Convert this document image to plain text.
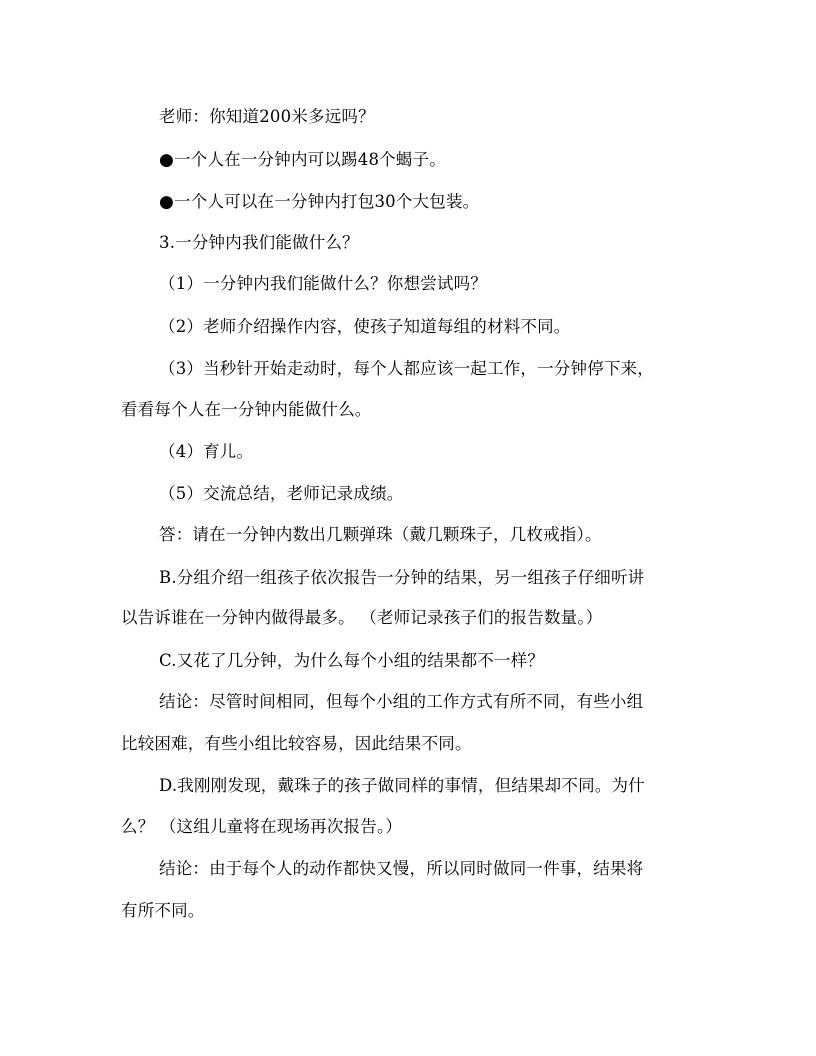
老师：你知道200米多远吗？
●一个人在一分钟内可以踢48个蝎子。
●一个人可以在一分钟内打包30个大包装。
3.一分钟内我们能做什么？
（1）一分钟内我们能做什么？你想尝试吗？
（2）老师介绍操作内容，使孩子知道每组的材料不同。
（3）当秒针开始走动时，每个人都应该一起工作，一分钟停下来，
看看每个人在一分钟内能做什么。
（4）育儿。
（5）交流总结，老师记录成绩。
答：请在一分钟内数出几颗弹珠（戴几颗珠子，几枚戒指）。
B.分组介绍一组孩子依次报告一分钟的结果，另一组孩子仔细听讲
以告诉谁在一分钟内做得最多。 （老师记录孩子们的报告数量。）
C.又花了几分钟，为什么每个小组的结果都不一样？
结论：尽管时间相同，但每个小组的工作方式有所不同，有些小组
比较困难，有些小组比较容易，因此结果不同。
D.我刚刚发现，戴珠子的孩子做同样的事情，但结果却不同。为什
么？ （这组儿童将在现场再次报告。）
结论：由于每个人的动作都快又慢，所以同时做同一件事，结果将
有所不同。
